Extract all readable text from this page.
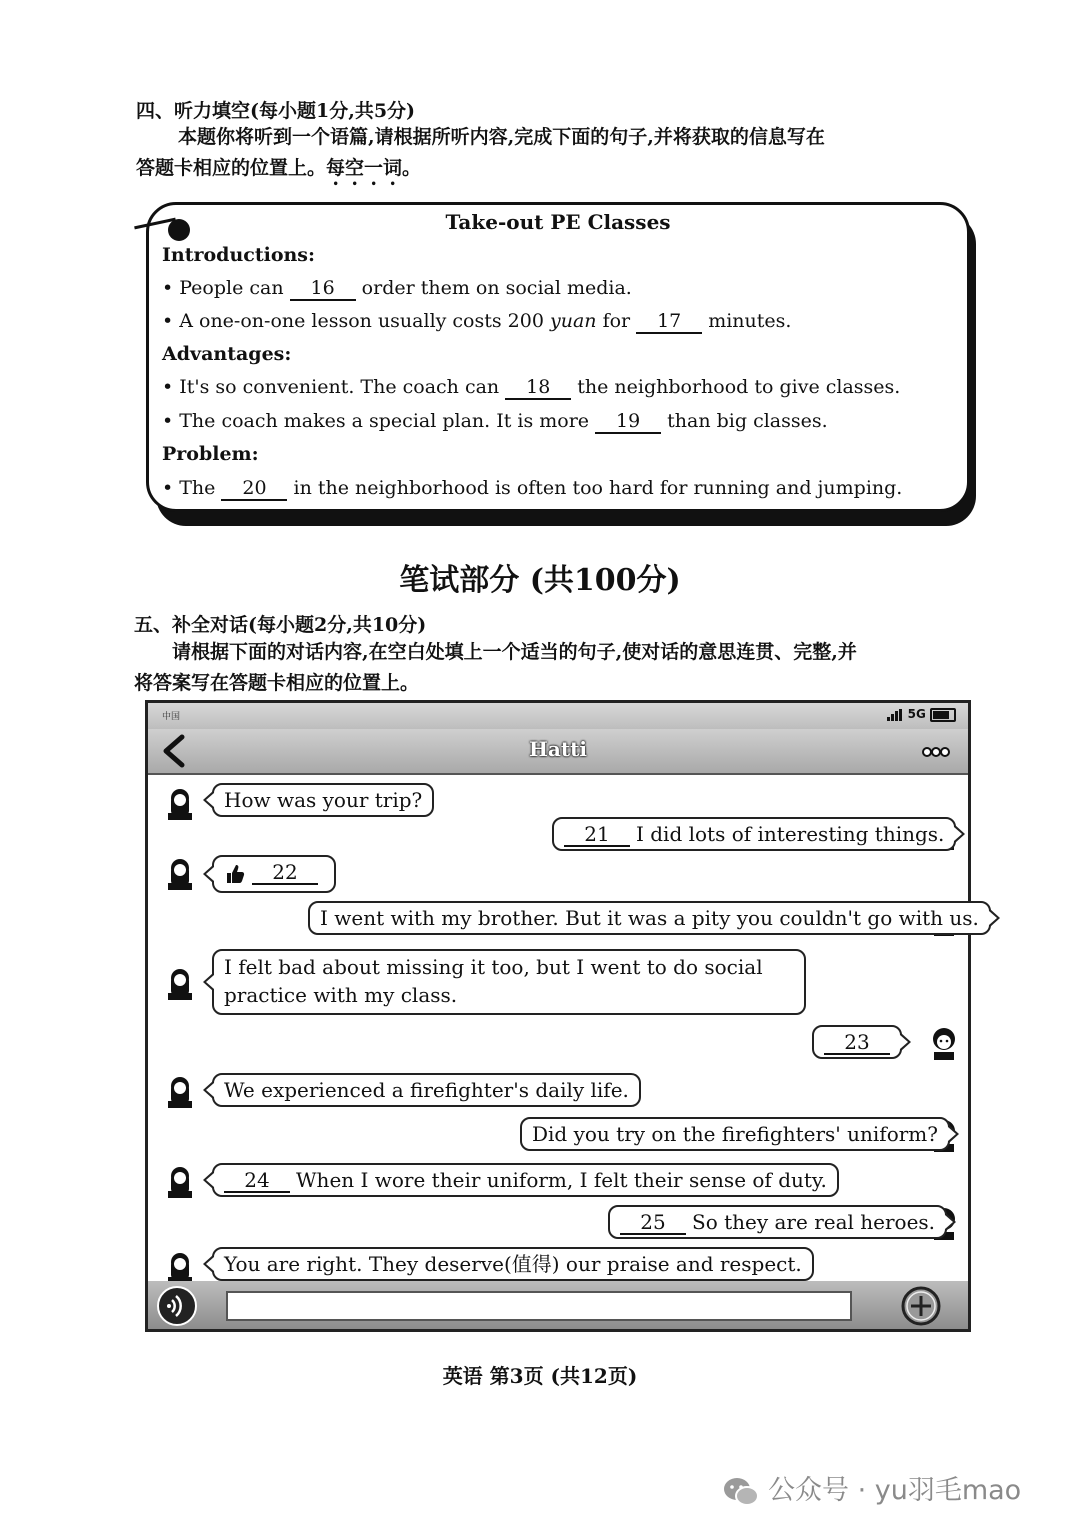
四、听力填空(每小题1分,共5分)
本题你将听到一个语篇,请根据所听内容,完成下面的句子,并将获取的信息写在
答题卡相应的位置上。每空一词。
Take-out PE Classes
Introductions:
• People can 16 order them on social media.
• A one-on-one lesson usually costs 200 yuan for 17 minutes.
Advantages:
• It's so convenient. The coach can 18 the neighborhood to give classes.
• The coach makes a special plan. It is more 19 than big classes.
Problem:
• The 20 in the neighborhood is often too hard for running and jumping.
笔试部分 (共100分)
五、补全对话(每小题2分,共10分)
请根据下面的对话内容,在空白处填上一个适当的句子,使对话的意思连贯、完整,并
将答案写在答题卡相应的位置上。
中国	5G
Hatti
How was your trip?
21 I did lots of interesting things.
22
I went with my brother. But it was a pity you couldn't go with us.
I felt bad about missing it too, but I went to do social practice with my class.
23
We experienced a firefighter's daily life.
Did you try on the firefighters' uniform?
24 When I wore their uniform, I felt their sense of duty.
25 So they are real heroes.
You are right. They deserve(值得) our praise and respect.
英语 第3页 (共12页)
公众号 · yu羽毛mao
